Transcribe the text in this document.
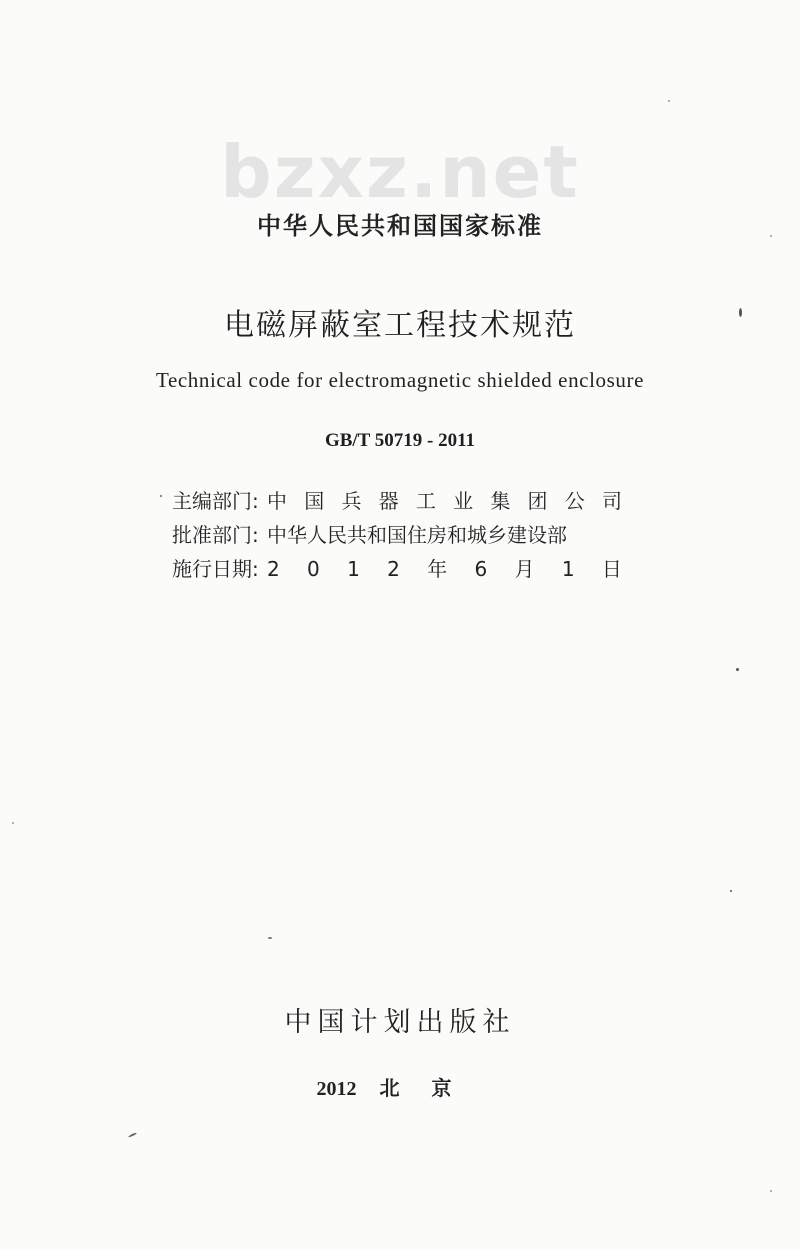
bzxz.net
中华人民共和国国家标准
电磁屏蔽室工程技术规范
Technical code for electromagnetic shielded enclosure
GB/T 50719 - 2011
主编部门: 中 国 兵 器 工 业 集 团 公 司
批准部门: 中华人民共和国住房和城乡建设部
施行日期: 2 0 1 2 年 6 月 1 日
中国计划出版社
2012 北京
